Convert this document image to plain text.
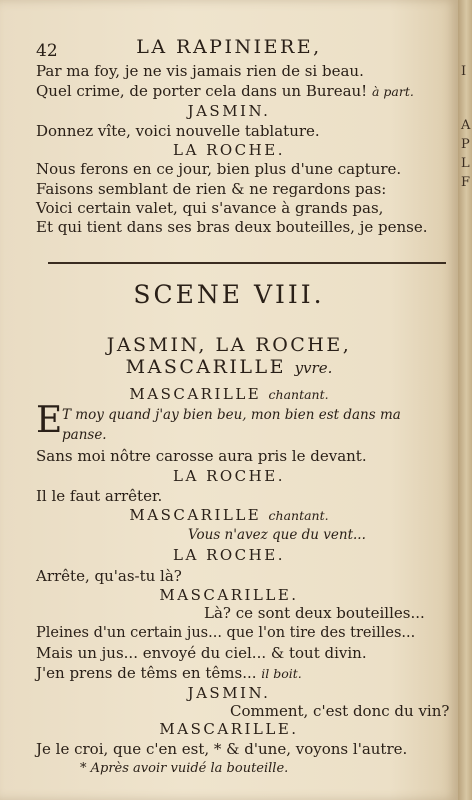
42	LA RAPINIERE,
Par ma foy, je ne vis jamais rien de si beau.
Quel crime, de porter cela dans un Bureau! à part.
JASMIN.
Donnez vîte, voici nouvelle tablature.
LA ROCHE.
Nous ferons en ce jour, bien plus d'une capture.
Faisons semblant de rien & ne regardons pas:
Voici certain valet, qui s'avance à grands pas,
Et qui tient dans ses bras deux bouteilles, je pense.
SCENE VIII.
JASMIN, LA ROCHE,
MASCARILLE yvre.
MASCARILLE chantant.
E T moy quand j'ay bien beu, mon bien est dans ma
panse.
Sans moi nôtre carosse aura pris le devant.
LA ROCHE.
Il le faut arrêter.
MASCARILLE chantant.
Vous n'avez que du vent...
LA ROCHE.
Arrête, qu'as-tu là?
MASCARILLE.
Là? ce sont deux bouteilles...
Pleines d'un certain jus... que l'on tire des treilles...
Mais un jus... envoyé du ciel... & tout divin.
J'en prens de têms en têms... il boit.
JASMIN.
Comment, c'est donc du vin?
MASCARILLE.
Je le croi, que c'en est, * & d'une, voyons l'autre.
* Après avoir vuidé la bouteille.
I
A
P
L
F
